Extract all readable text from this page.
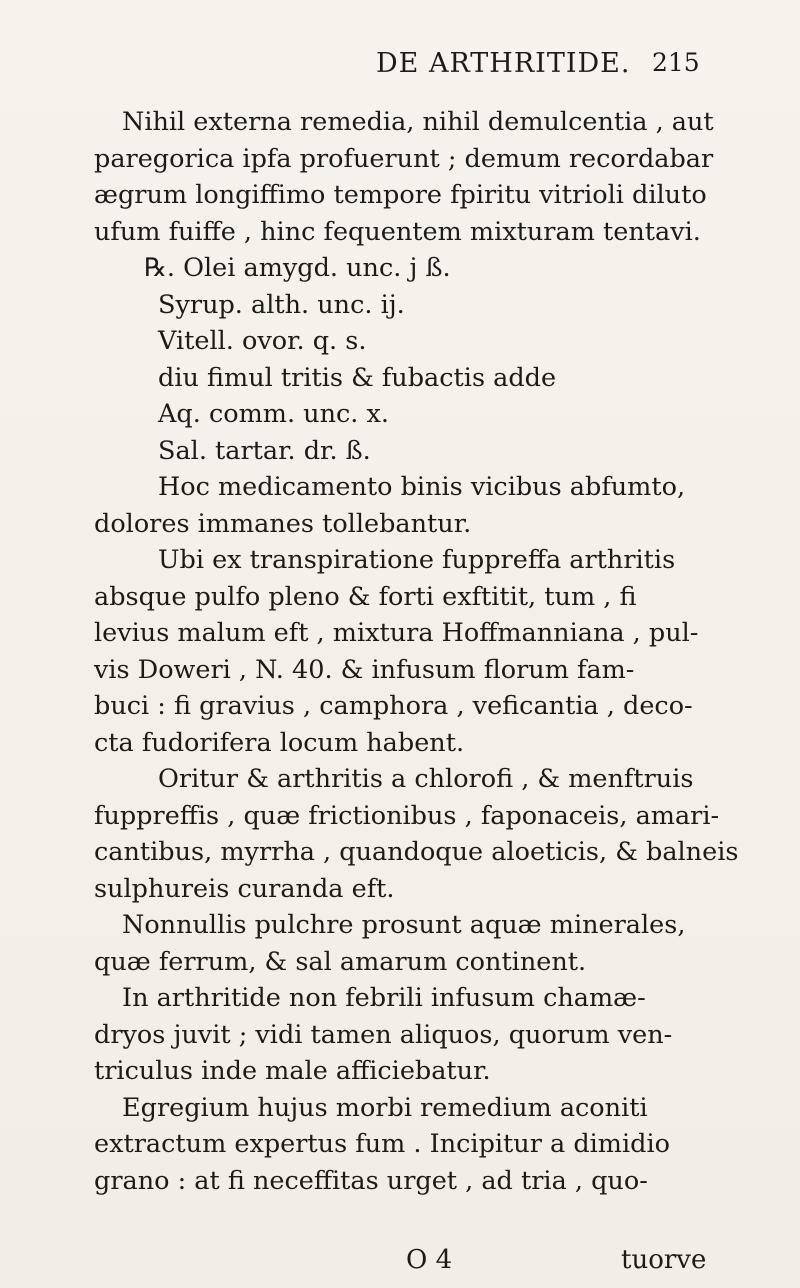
DE ARTHRITIDE. 215
Nihil externa remedia, nihil demulcentia , aut
paregorica ipfa profuerunt ; demum recordabar
ægrum longiffimo tempore fpiritu vitrioli diluto
ufum fuiffe , hinc fequentem mixturam tentavi.
℞. Olei amygd. unc. j ß.
Syrup. alth. unc. ij.
Vitell. ovor. q. s.
diu fimul tritis & fubactis adde
Aq. comm. unc. x.
Sal. tartar. dr. ß.
Hoc medicamento binis vicibus abfumto,
dolores immanes tollebantur.
Ubi ex transpiratione fuppreffa arthritis
absque pulfo pleno & forti exftitit, tum , fi
levius malum eft , mixtura Hoffmanniana , pul-
vis Doweri , N. 40. & infusum florum fam-
buci : fi gravius , camphora , veficantia , deco-
cta fudorifera locum habent.
Oritur & arthritis a chlorofi , & menftruis
fuppreffis , quæ frictionibus , faponaceis, amari-
cantibus, myrrha , quandoque aloeticis, & balneis
sulphureis curanda eft.
Nonnullis pulchre prosunt aquæ minerales,
quæ ferrum, & sal amarum continent.
In arthritide non febrili infusum chamæ-
dryos juvit ; vidi tamen aliquos, quorum ven-
triculus inde male afficiebatur.
Egregium hujus morbi remedium aconiti
extractum expertus fum . Incipitur a dimidio
grano : at fi neceffitas urget , ad tria , quo-
O 4	tuorve
